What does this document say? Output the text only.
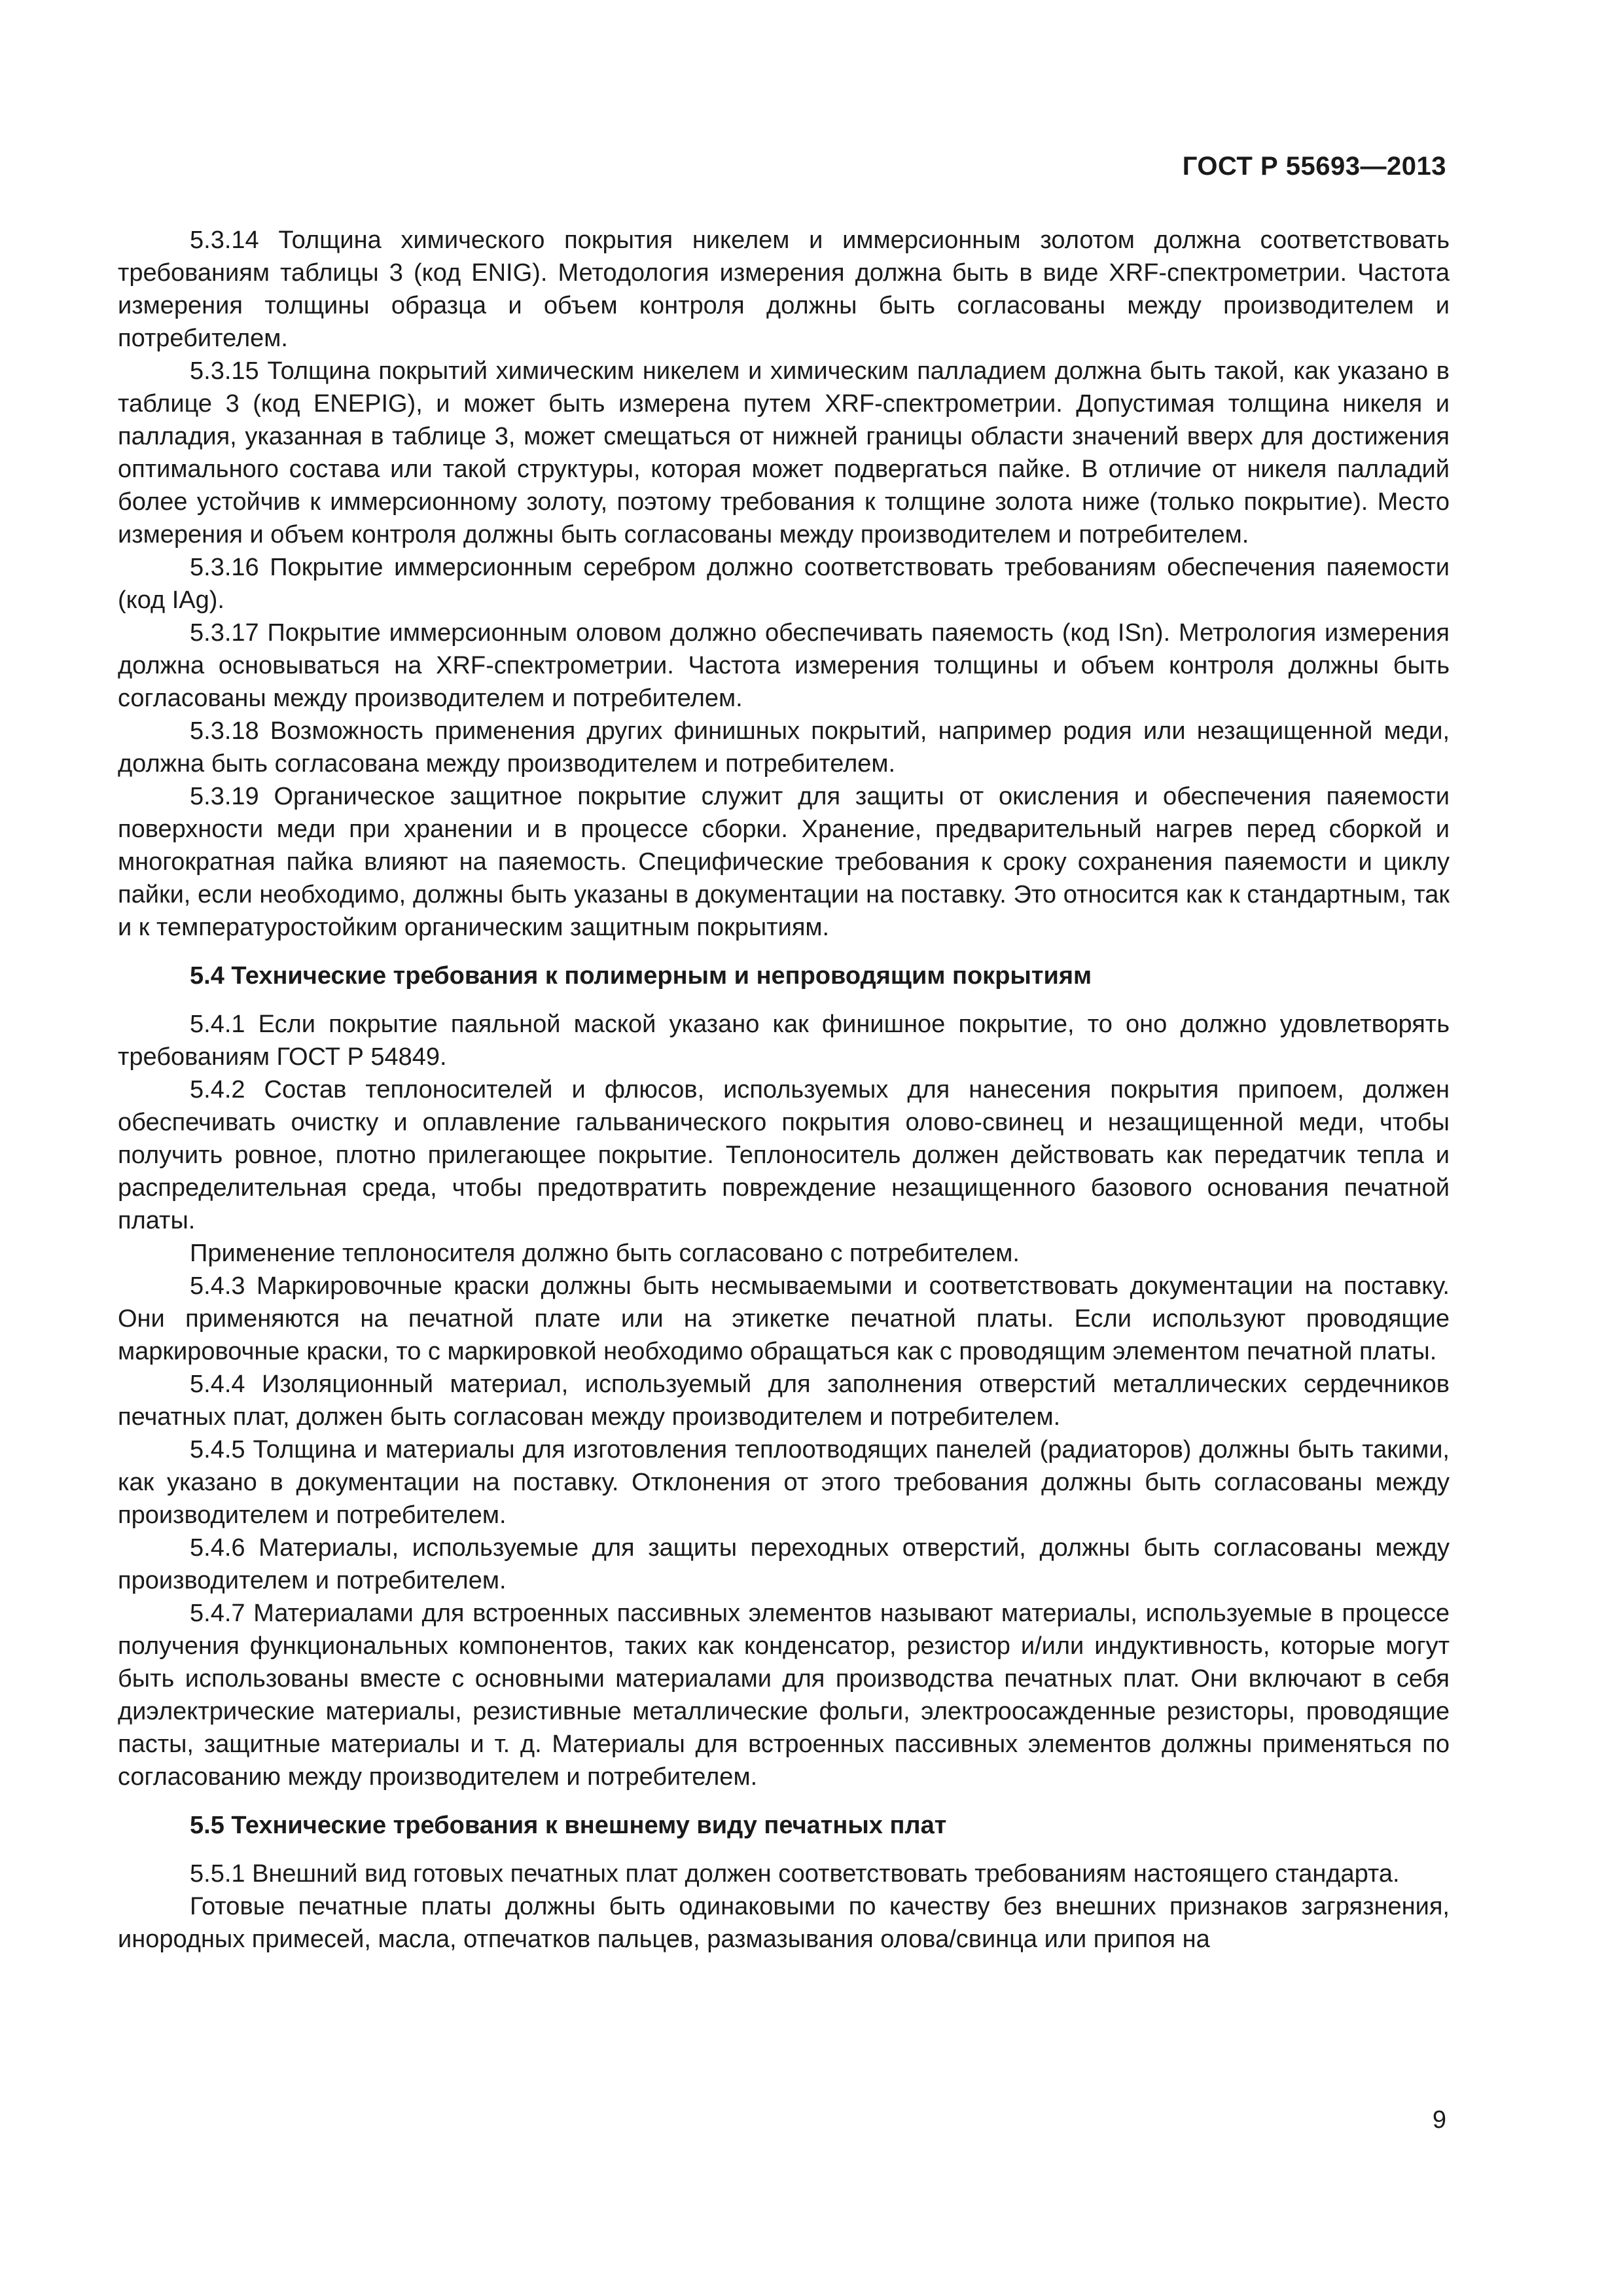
ГОСТ Р 55693—2013

5.3.14 Толщина химического покрытия никелем и иммерсионным золотом должна соответствовать требованиям таблицы 3 (код ENIG). Методология измерения должна быть в виде XRF-спектрометрии. Частота измерения толщины образца и объем контроля должны быть согласованы между производителем и потребителем.

5.3.15 Толщина покрытий химическим никелем и химическим палладием должна быть такой, как указано в таблице 3 (код ENEPIG), и может быть измерена путем XRF-спектрометрии. Допустимая толщина никеля и палладия, указанная в таблице 3, может смещаться от нижней границы области значений вверх для достижения оптимального состава или такой структуры, которая может подвергаться пайке. В отличие от никеля палладий более устойчив к иммерсионному золоту, поэтому требования к толщине золота ниже (только покрытие). Место измерения и объем контроля должны быть согласованы между производителем и потребителем.

5.3.16 Покрытие иммерсионным серебром должно соответствовать требованиям обеспечения паяемости (код IAg).

5.3.17 Покрытие иммерсионным оловом должно обеспечивать паяемость (код ISn). Метрология измерения должна основываться на XRF-спектрометрии. Частота измерения толщины и объем контроля должны быть согласованы между производителем и потребителем.

5.3.18 Возможность применения других финишных покрытий, например родия или незащищенной меди, должна быть согласована между производителем и потребителем.

5.3.19 Органическое защитное покрытие служит для защиты от окисления и обеспечения паяемости поверхности меди при хранении и в процессе сборки. Хранение, предварительный нагрев перед сборкой и многократная пайка влияют на паяемость. Специфические требования к сроку сохранения паяемости и циклу пайки, если необходимо, должны быть указаны в документации на поставку. Это относится как к стандартным, так и к температуростойким органическим защитным покрытиям.

5.4 Технические требования к полимерным и непроводящим покрытиям

5.4.1 Если покрытие паяльной маской указано как финишное покрытие, то оно должно удовлетворять требованиям ГОСТ Р 54849.

5.4.2 Состав теплоносителей и флюсов, используемых для нанесения покрытия припоем, должен обеспечивать очистку и оплавление гальванического покрытия олово-свинец и незащищенной меди, чтобы получить ровное, плотно прилегающее покрытие. Теплоноситель должен действовать как передатчик тепла и распределительная среда, чтобы предотвратить повреждение незащищенного базового основания печатной платы.

Применение теплоносителя должно быть согласовано с потребителем.

5.4.3 Маркировочные краски должны быть несмываемыми и соответствовать документации на поставку. Они применяются на печатной плате или на этикетке печатной платы. Если используют проводящие маркировочные краски, то с маркировкой необходимо обращаться как с проводящим элементом печатной платы.

5.4.4 Изоляционный материал, используемый для заполнения отверстий металлических сердечников печатных плат, должен быть согласован между производителем и потребителем.

5.4.5 Толщина и материалы для изготовления теплоотводящих панелей (радиаторов) должны быть такими, как указано в документации на поставку. Отклонения от этого требования должны быть согласованы между производителем и потребителем.

5.4.6 Материалы, используемые для защиты переходных отверстий, должны быть согласованы между производителем и потребителем.

5.4.7 Материалами для встроенных пассивных элементов называют материалы, используемые в процессе получения функциональных компонентов, таких как конденсатор, резистор и/или индуктивность, которые могут быть использованы вместе с основными материалами для производства печатных плат. Они включают в себя диэлектрические материалы, резистивные металлические фольги, электроосажденные резисторы, проводящие пасты, защитные материалы и т. д. Материалы для встроенных пассивных элементов должны применяться по согласованию между производителем и потребителем.

5.5 Технические требования к внешнему виду печатных плат

5.5.1 Внешний вид готовых печатных плат должен соответствовать требованиям настоящего стандарта.

Готовые печатные платы должны быть одинаковыми по качеству без внешних признаков загрязнения, инородных примесей, масла, отпечатков пальцев, размазывания олова/свинца или припоя на

9
